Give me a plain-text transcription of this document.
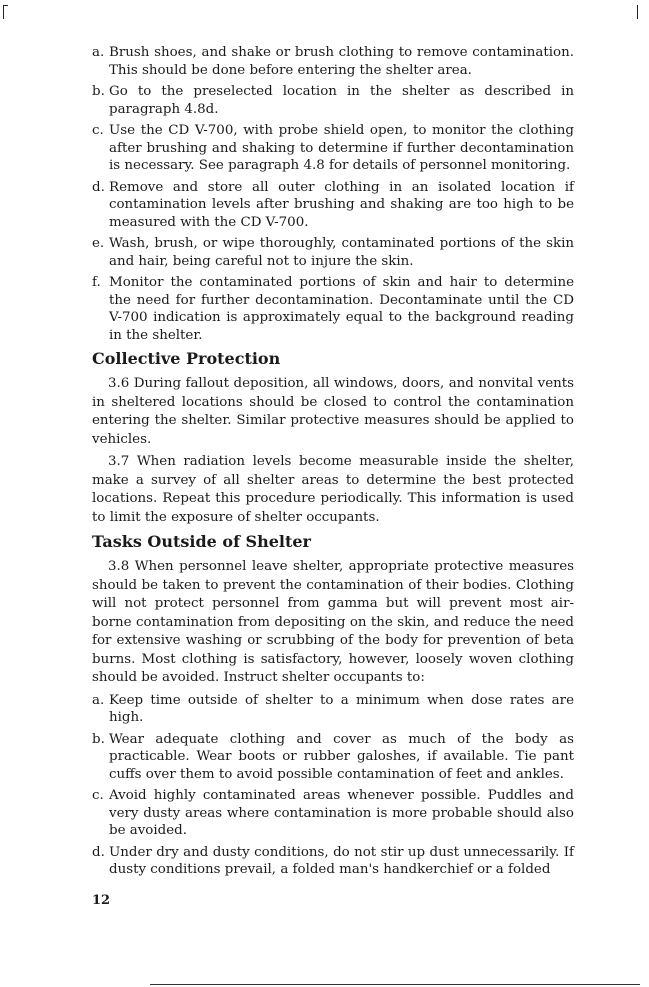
a. Brush shoes, and shake or brush clothing to remove contamination. This should be done before entering the shelter area.
b. Go to the preselected location in the shelter as described in paragraph 4.8d.
c. Use the CD V-700, with probe shield open, to monitor the clothing after brushing and shaking to determine if further decontamination is necessary. See paragraph 4.8 for details of personnel monitoring.
d. Remove and store all outer clothing in an isolated location if contamination levels after brushing and shaking are too high to be measured with the CD V-700.
e. Wash, brush, or wipe thoroughly, contaminated portions of the skin and hair, being careful not to injure the skin.
f. Monitor the contaminated portions of skin and hair to determine the need for further decontamination. Decontaminate until the CD V-700 indication is approximately equal to the background reading in the shelter.
Collective Protection

3.6 During fallout deposition, all windows, doors, and nonvital vents in sheltered locations should be closed to control the contamination entering the shelter. Similar protective measures should be applied to vehicles.

3.7 When radiation levels become measurable inside the shelter, make a survey of all shelter areas to determine the best protected locations. Repeat this procedure periodically. This information is used to limit the exposure of shelter occupants.

Tasks Outside of Shelter

3.8 When personnel leave shelter, appropriate protective measures should be taken to prevent the contamination of their bodies. Clothing will not protect personnel from gamma but will prevent most air-borne contamination from depositing on the skin, and reduce the need for extensive washing or scrubbing of the body for prevention of beta burns. Most clothing is satisfactory, however, loosely woven clothing should be avoided. Instruct shelter occupants to:

a. Keep time outside of shelter to a minimum when dose rates are high.
b. Wear adequate clothing and cover as much of the body as practicable. Wear boots or rubber galoshes, if available. Tie pant cuffs over them to avoid possible contamination of feet and ankles.
c. Avoid highly contaminated areas whenever possible. Puddles and very dusty areas where contamination is more probable should also be avoided.
d. Under dry and dusty conditions, do not stir up dust unnecessarily. If dusty conditions prevail, a folded man's handkerchief or a folded
12
